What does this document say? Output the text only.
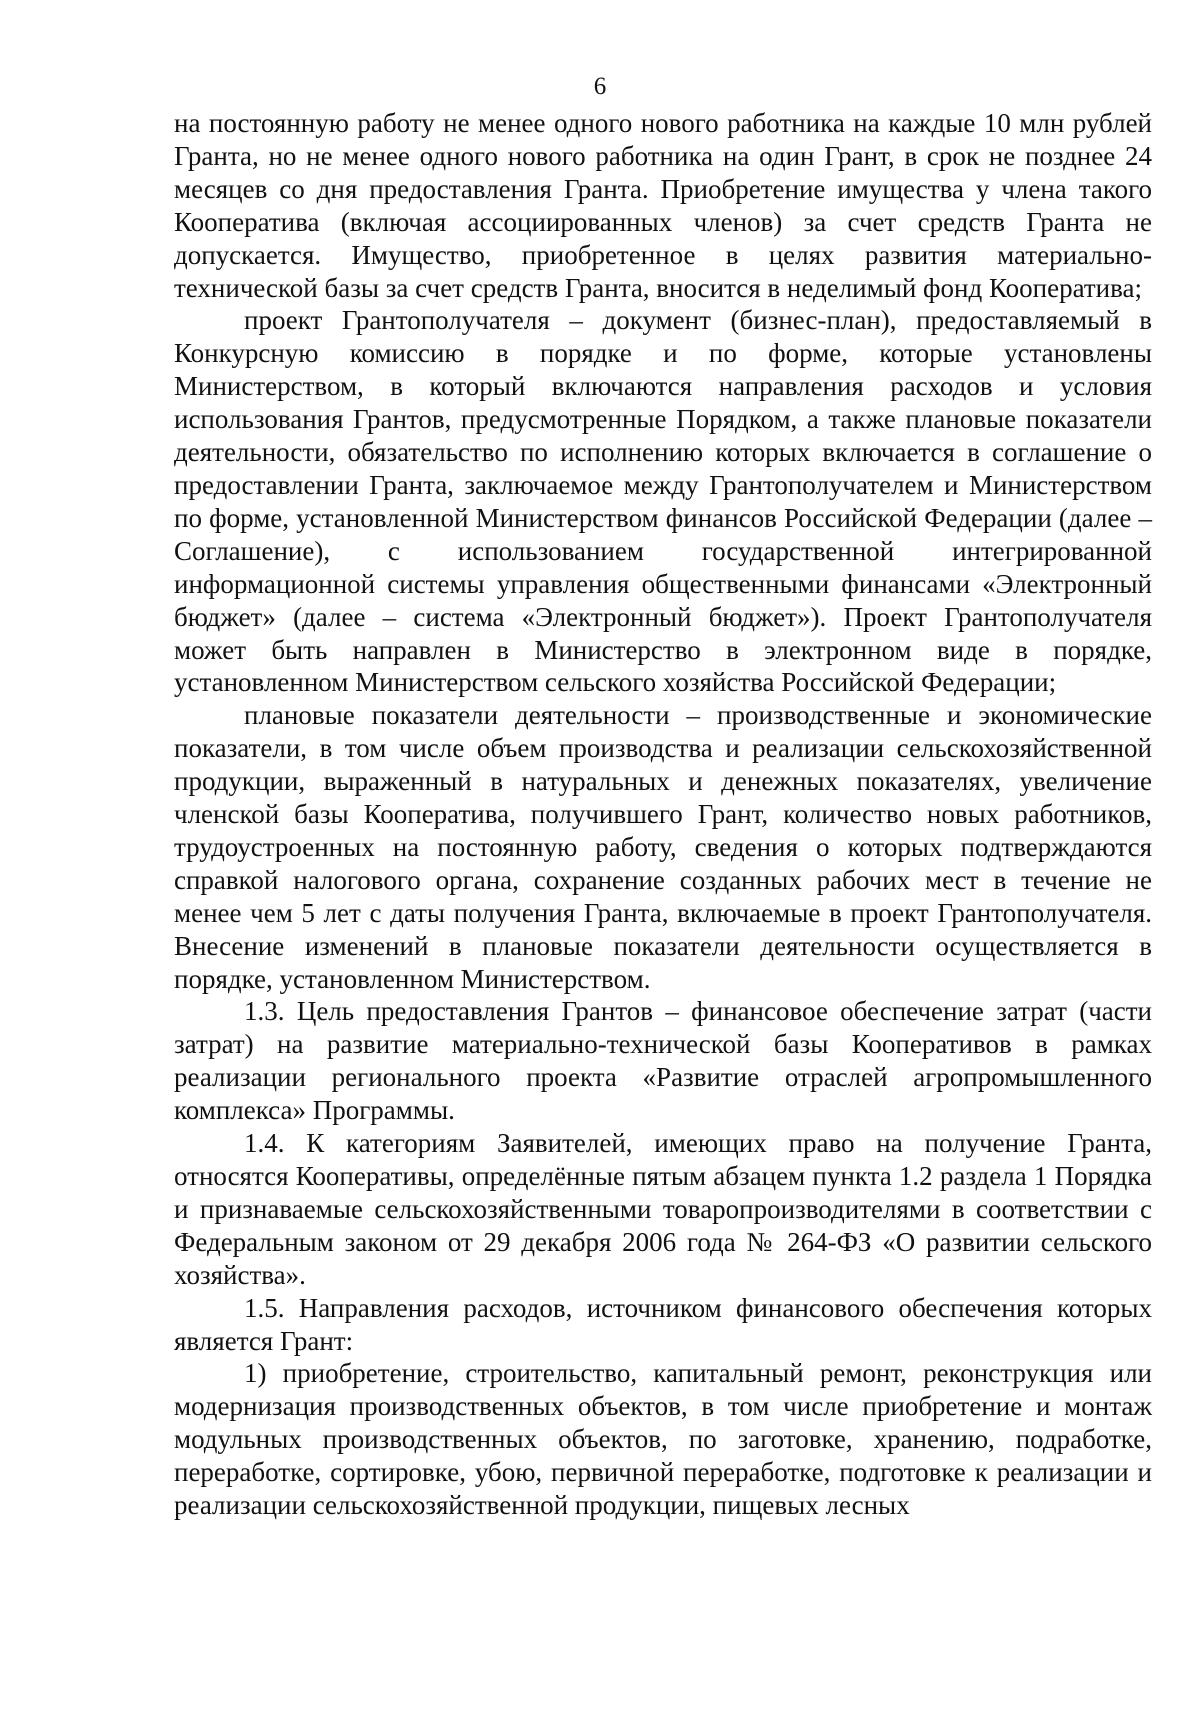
6

на постоянную работу не менее одного нового работника на каждые 10 млн рублей Гранта, но не менее одного нового работника на один Грант, в срок не позднее 24 месяцев со дня предоставления Гранта. Приобретение имущества у члена такого Кооператива (включая ассоциированных членов) за счет средств Гранта не допускается. Имущество, приобретенное в целях развития материально-технической базы за счет средств Гранта, вносится в неделимый фонд Кооператива;

проект Грантополучателя – документ (бизнес-план), предоставляемый в Конкурсную комиссию в порядке и по форме, которые установлены Министерством, в который включаются направления расходов и условия использования Грантов, предусмотренные Порядком, а также плановые показатели деятельности, обязательство по исполнению которых включается в соглашение о предоставлении Гранта, заключаемое между Грантополучателем и Министерством по форме, установленной Министерством финансов Российской Федерации (далее – Соглашение), с использованием государственной интегрированной информационной системы управления общественными финансами «Электронный бюджет» (далее – система «Электронный бюджет»). Проект Грантополучателя может быть направлен в Министерство в электронном виде в порядке, установленном Министерством сельского хозяйства Российской Федерации;

плановые показатели деятельности – производственные и экономические показатели, в том числе объем производства и реализации сельскохозяйственной продукции, выраженный в натуральных и денежных показателях, увеличение членской базы Кооператива, получившего Грант, количество новых работников, трудоустроенных на постоянную работу, сведения о которых подтверждаются справкой налогового органа, сохранение созданных рабочих мест в течение не менее чем 5 лет с даты получения Гранта, включаемые в проект Грантополучателя. Внесение изменений в плановые показатели деятельности осуществляется в порядке, установленном Министерством.

1.3. Цель предоставления Грантов – финансовое обеспечение затрат (части затрат) на развитие материально-технической базы Кооперативов в рамках реализации регионального проекта «Развитие отраслей агропромышленного комплекса» Программы.

1.4. К категориям Заявителей, имеющих право на получение Гранта, относятся Кооперативы, определённые пятым абзацем пункта 1.2 раздела 1 Порядка и признаваемые сельскохозяйственными товаропроизводителями в соответствии с Федеральным законом от 29 декабря 2006 года № 264-ФЗ «О развитии сельского хозяйства».

1.5. Направления расходов, источником финансового обеспечения которых является Грант:

1) приобретение, строительство, капитальный ремонт, реконструкция или модернизация производственных объектов, в том числе приобретение и монтаж модульных производственных объектов, по заготовке, хранению, подработке, переработке, сортировке, убою, первичной переработке, подготовке к реализации и реализации сельскохозяйственной продукции, пищевых лесных
